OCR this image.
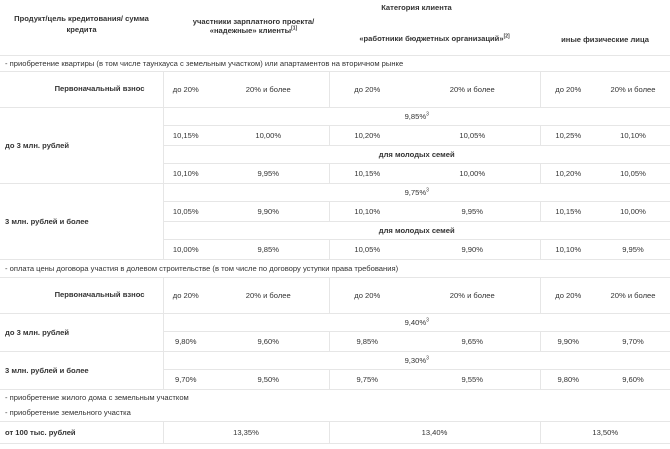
Продукт/цель кредитования/ сумма кредита	Категория клиента					
	участники зарплатного проекта/ «надежные» клиенты[1]		«работники бюджетных организаций»[2]		иные физические лица	

- приобретение квартиры (в том числе таунхауса с земельным участком) или апартаментов на вторичном рынке						
Первоначальный взнос	до 20%	20% и более	до 20%	20% и более	до 20%	20% и более
до 3 млн. рублей	9,85%$^3$
	10,15%	10,00%	10,20%	10,05%	10,25%	10,10%
	для молодых семей					
	10,10%	9,95%	10,15%	10,00%	10,20%	10,05%
3 млн. рублей и более	9,75%$^3$
	10,05%	9,90%	10,10%	9,95%	10,15%	10,00%
	для молодых семей					
	10,00%	9,85%	10,05%	9,90%	10,10%	9,95%
- оплата цены договора участия в долевом строительстве (в том числе по договору уступки права требования)						
Первоначальный взнос	до 20%	20% и более	до 20%	20% и более	до 20%	20% и более
до 3 млн. рублей	9,40%$^3$
	9,80%	9,60%	9,85%	9,65%	9,90%	9,70%
3 млн. рублей и более	9,30%$^3$
	9,70%	9,50%	9,75%	9,55%	9,80%	9,60%
- приобретение жилого дома с земельным участком						
- приобретение земельного участка						
от 100 тыс. рублей	13,35%		13,40%		13,50%	
